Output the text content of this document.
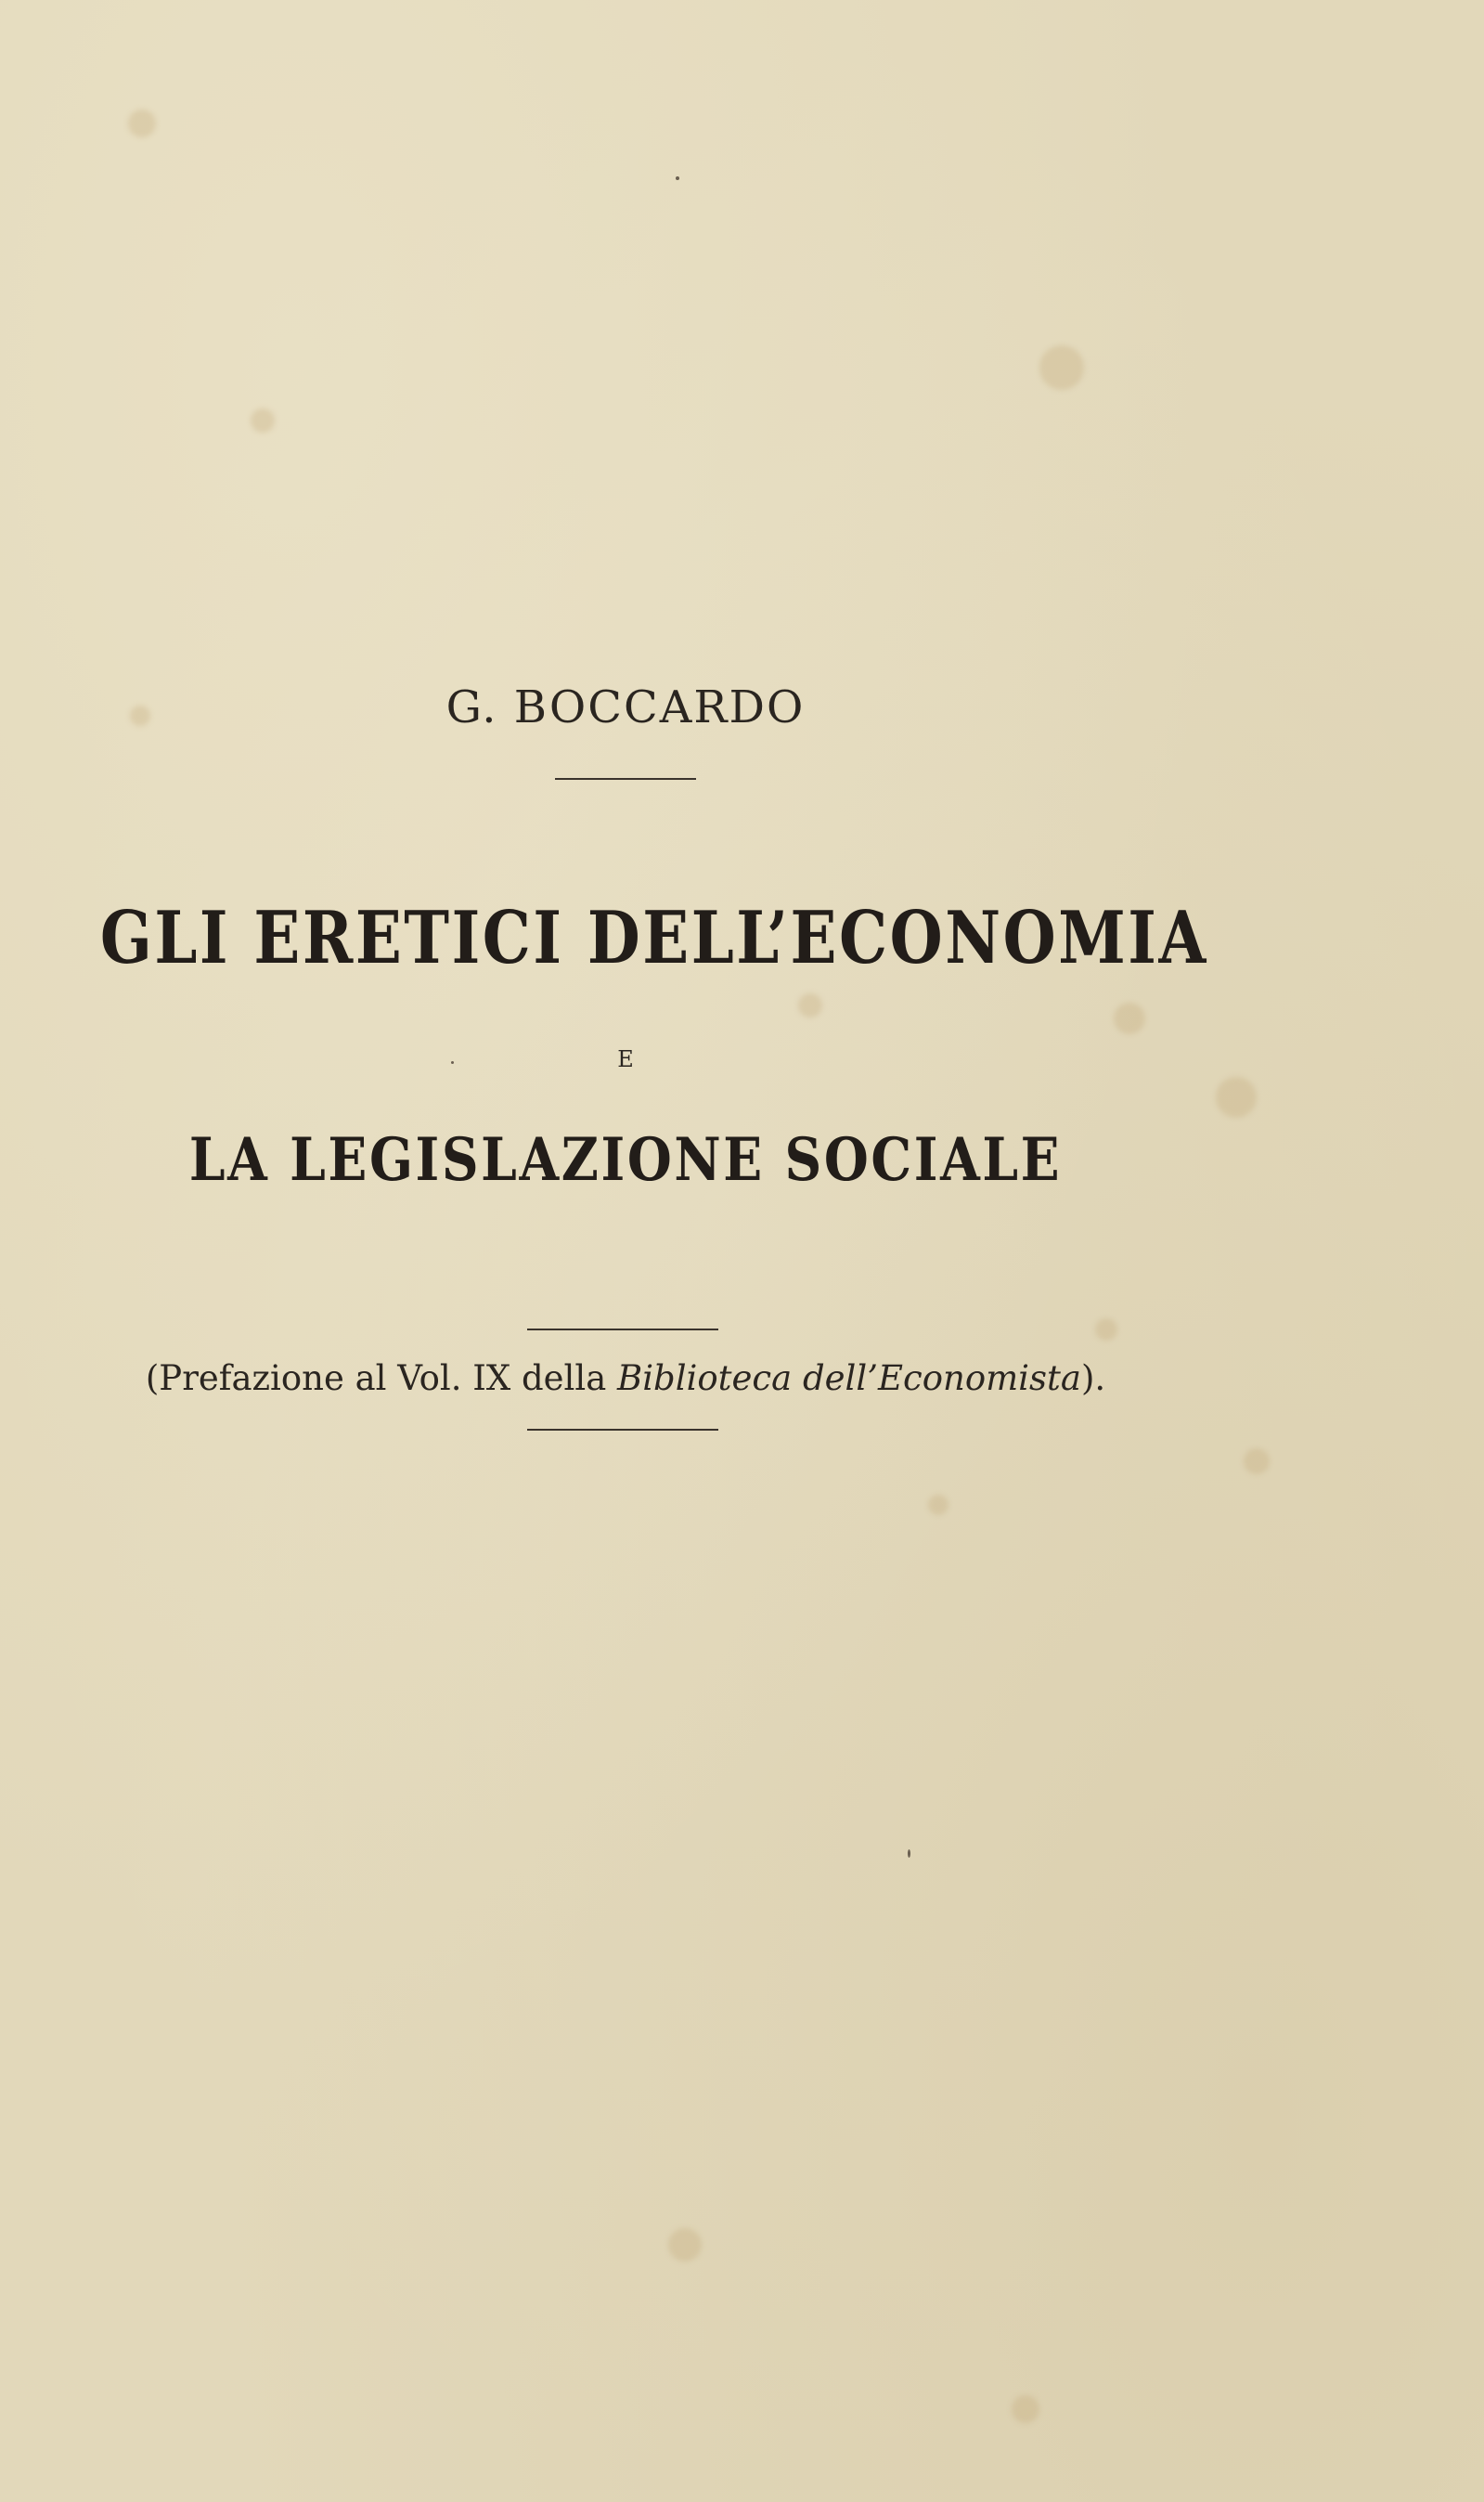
G. BOCCARDO
GLI ERETICI DELL’ECONOMIA
E
LA LEGISLAZIONE SOCIALE
(Prefazione al Vol. IX della Biblioteca dell’Economista).
